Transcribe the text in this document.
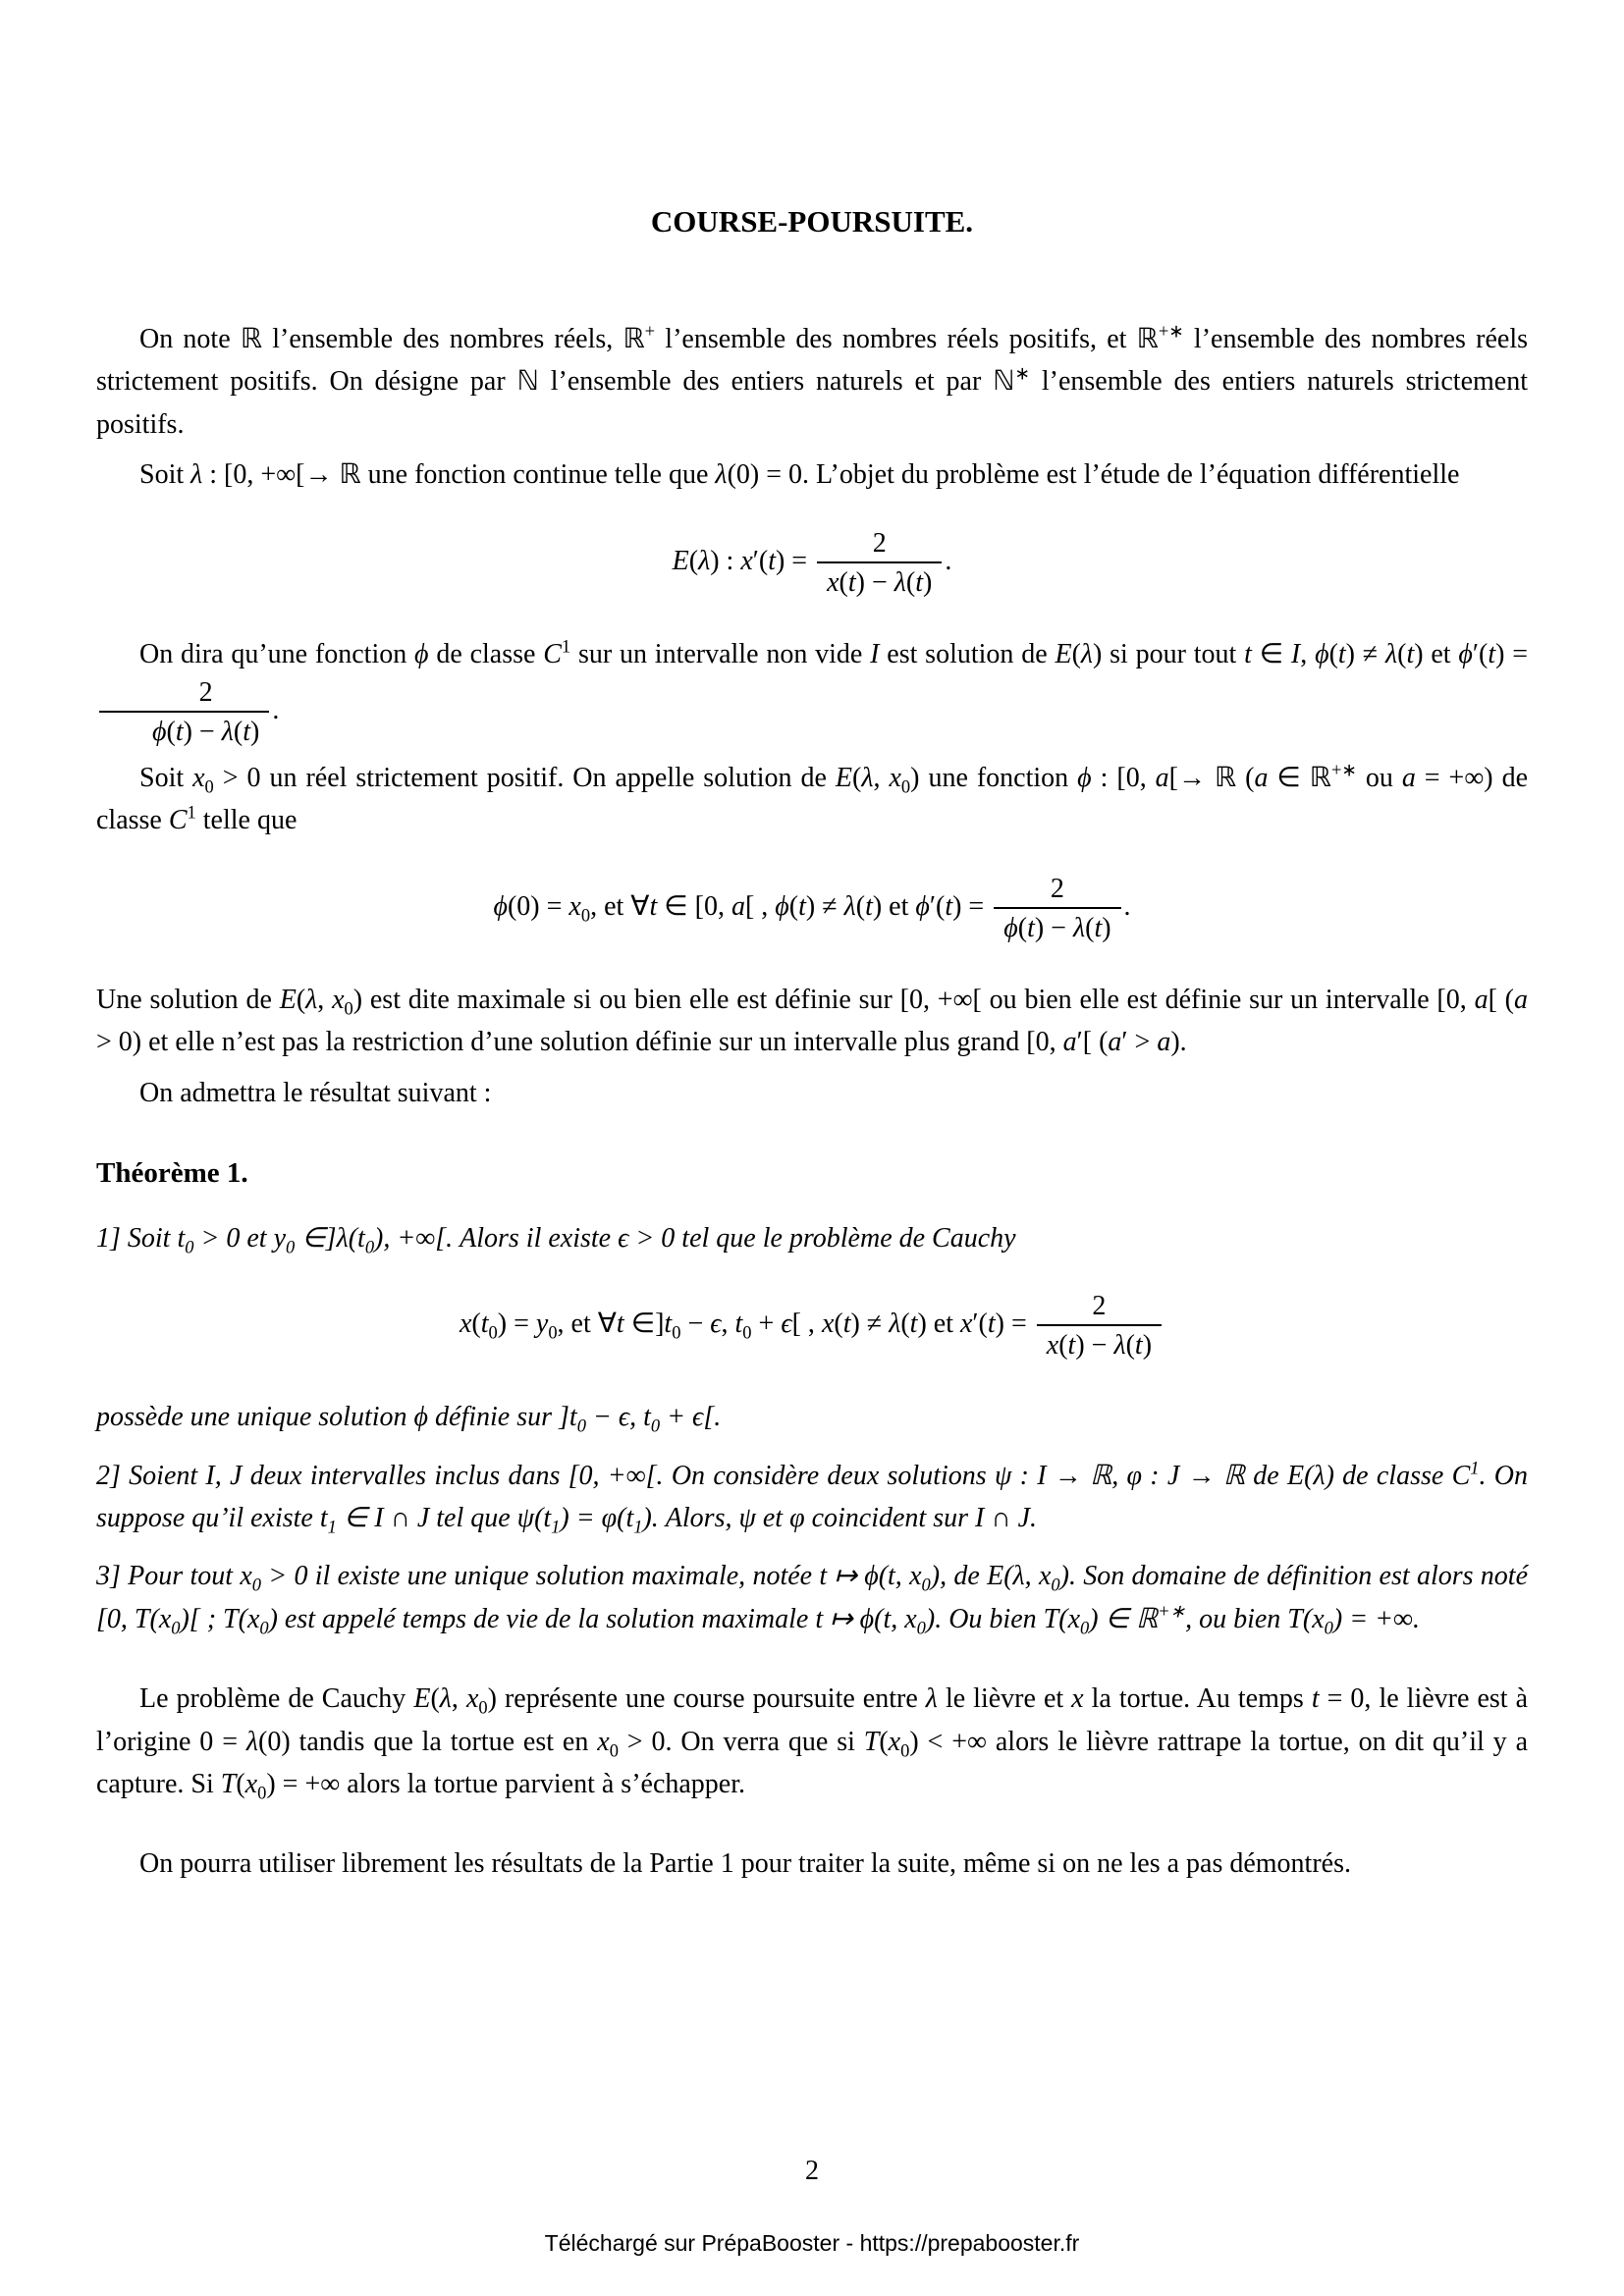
COURSE-POURSUITE.

On note ℝ l’ensemble des nombres réels, ℝ+ l’ensemble des nombres réels positifs, et ℝ+∗ l’ensemble des nombres réels strictement positifs. On désigne par ℕ l’ensemble des entiers naturels et par ℕ∗ l’ensemble des entiers naturels strictement positifs.

Soit λ : [0, +∞[→ ℝ une fonction continue telle que λ(0) = 0. L’objet du problème est l’étude de l’équation différentielle

E(λ) : $x'(t) = \frac{2}{x(t) - \lambda(t)}$ .

On dira qu’une fonction ϕ de classe $C^1$ sur un intervalle non vide I est solution de E(λ) si pour tout t ∈ I, ϕ(t) ≠ λ(t) et ϕ′(t) =
$\frac{2}{\phi(t) - \lambda(t)}$ .

Soit $x_0 > 0$ un réel strictement positif. On appelle solution de E(λ, $x_0$) une fonction ϕ : [0, a[→ ℝ (a ∈ ℝ+∗ ou a = +∞) de classe $C^1$ telle que

$\phi(0) = x_0$, et ∀t ∈ [0, a[ , ϕ(t) ≠ λ(t) et $\phi'(t) = \frac{2}{\phi(t) - \lambda(t)}$ .

Une solution de E(λ, $x_0$) est dite maximale si ou bien elle est définie sur [0, +∞[ ou bien elle est définie sur un intervalle [0, a[ (a > 0) et elle n’est pas la restriction d’une solution définie sur un intervalle plus grand [0, a′[ (a′ > a).

On admettra le résultat suivant :

Théorème 1.

1] Soit $t_0 > 0$ et $y_0$ $\in]\lambda(t_0)$, +∞[. Alors il existe ϵ > 0 tel que le problème de Cauchy

$x(t_0) = y_0$, et ∀t $\in]t_0 - \epsilon$, $t_0 + \epsilon$[ , x(t) ≠ λ(t) et $x'(t) = \frac{2}{x(t) - \lambda(t)}$

possède une unique solution ϕ définie sur ]$t_0 - \epsilon$, $t_0 + \epsilon$[.

2] Soient I, J deux intervalles inclus dans [0, +∞[. On considère deux solutions ψ : I → ℝ, φ : J → ℝ de E(λ) de classe $C^1$. On suppose qu’il existe $t_1$ ∈ I ∩ J tel que $\psi(t_1) = \varphi(t_1)$. Alors, ψ et φ coincident sur I ∩ J.

3] Pour tout $x_0 > 0$ il existe une unique solution maximale, notée t ↦ ϕ(t, $x_0$), de E(λ, $x_0$). Son domaine de définition est alors noté [0, $T(x_0)$[ ; $T(x_0)$ est appelé temps de vie de la solution maximale t ↦ ϕ(t, $x_0$). Ou bien $T(x_0)$ ∈ ℝ+∗, ou bien $T(x_0)$ = +∞.

Le problème de Cauchy E(λ, $x_0$) représente une course poursuite entre λ le lièvre et x la tortue. Au temps t = 0, le lièvre est à l’origine 0 = λ(0) tandis que la tortue est en $x_0 > 0$. On verra que si $T(x_0)$ < +∞ alors le lièvre rattrape la tortue, on dit qu’il y a capture. Si $T(x_0)$ = +∞ alors la tortue parvient à s’échapper.

On pourra utiliser librement les résultats de la Partie 1 pour traiter la suite, même si on ne les a pas démontrés.

2
Téléchargé sur PrépaBooster - https://prepabooster.fr
